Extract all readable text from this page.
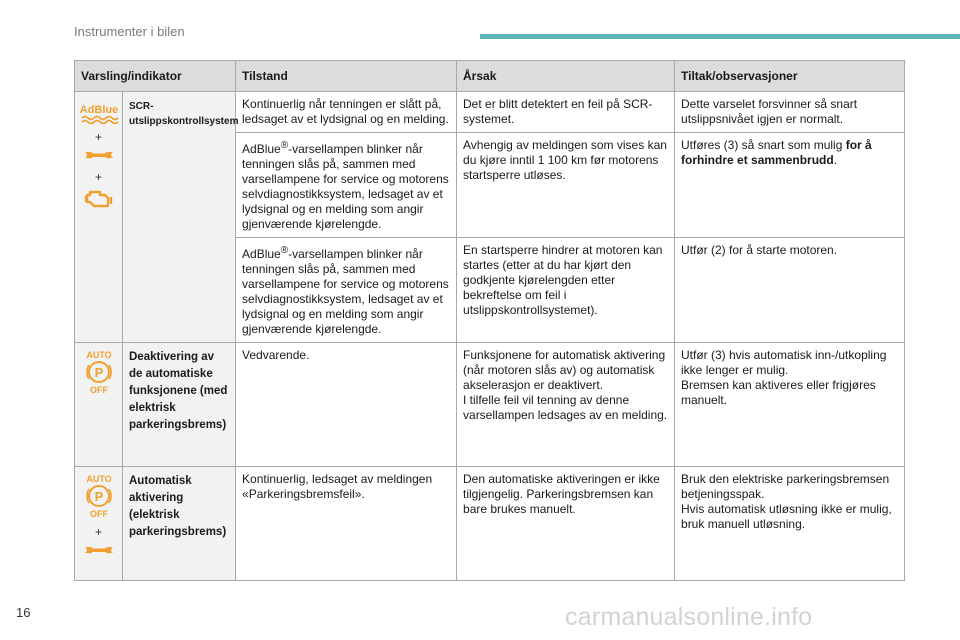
Instrumenter i bilen
Varsling/indikator		Tilstand	Årsak	Tiltak/observasjoner

AdBlue
+
+	SCR-utslippskontrollsystem	Kontinuerlig når tenningen er slått på, ledsaget av et lydsignal og en melding.	Det er blitt detektert en feil på SCR-systemet.	Dette varselet forsvinner så snart utslippsnivået igjen er normalt.
		AdBlue®-varsellampen blinker når tenningen slås på, sammen med varsellampene for service og motorens selvdiagnostikksystem, ledsaget av et lydsignal og en melding som angir gjenværende kjørelengde.	Avhengig av meldingen som vises kan du kjøre inntil 1 100 km før motorens startsperre utløses.	Utføres (3) så snart som mulig for å forhindre et sammenbrudd.
		AdBlue®-varsellampen blinker når tenningen slås på, sammen med varsellampene for service og motorens selvdiagnostikksystem, ledsaget av et lydsignal og en melding som angir gjenværende kjørelengde.	En startsperre hindrer at motoren kan startes (etter at du har kjørt den godkjente kjørelengden etter bekreftelse om feil i utslippskontrollsystemet).	Utfør (2) for å starte motoren.

AUTO
P
OFF	Deaktivering av de automatiske funksjonene (med elektrisk parkeringsbrems)	Vedvarende.	Funksjonene for automatisk aktivering (når motoren slås av) og automatisk akselerasjon er deaktivert.
I tilfelle feil vil tenning av denne varsellampen ledsages av en melding.	Utfør (3) hvis automatisk inn-/utkopling ikke lenger er mulig.
Bremsen kan aktiveres eller frigjøres manuelt.

AUTO
P
OFF
+	Automatisk aktivering (elektrisk parkeringsbrems)	Kontinuerlig, ledsaget av meldingen «Parkeringsbremsfeil».	Den automatiske aktiveringen er ikke tilgjengelig. Parkeringsbremsen kan bare brukes manuelt.	Bruk den elektriske parkeringsbremsen betjeningsspak.
Hvis automatisk utløsning ikke er mulig, bruk manuell utløsning.
16	carmanualsonline.info
